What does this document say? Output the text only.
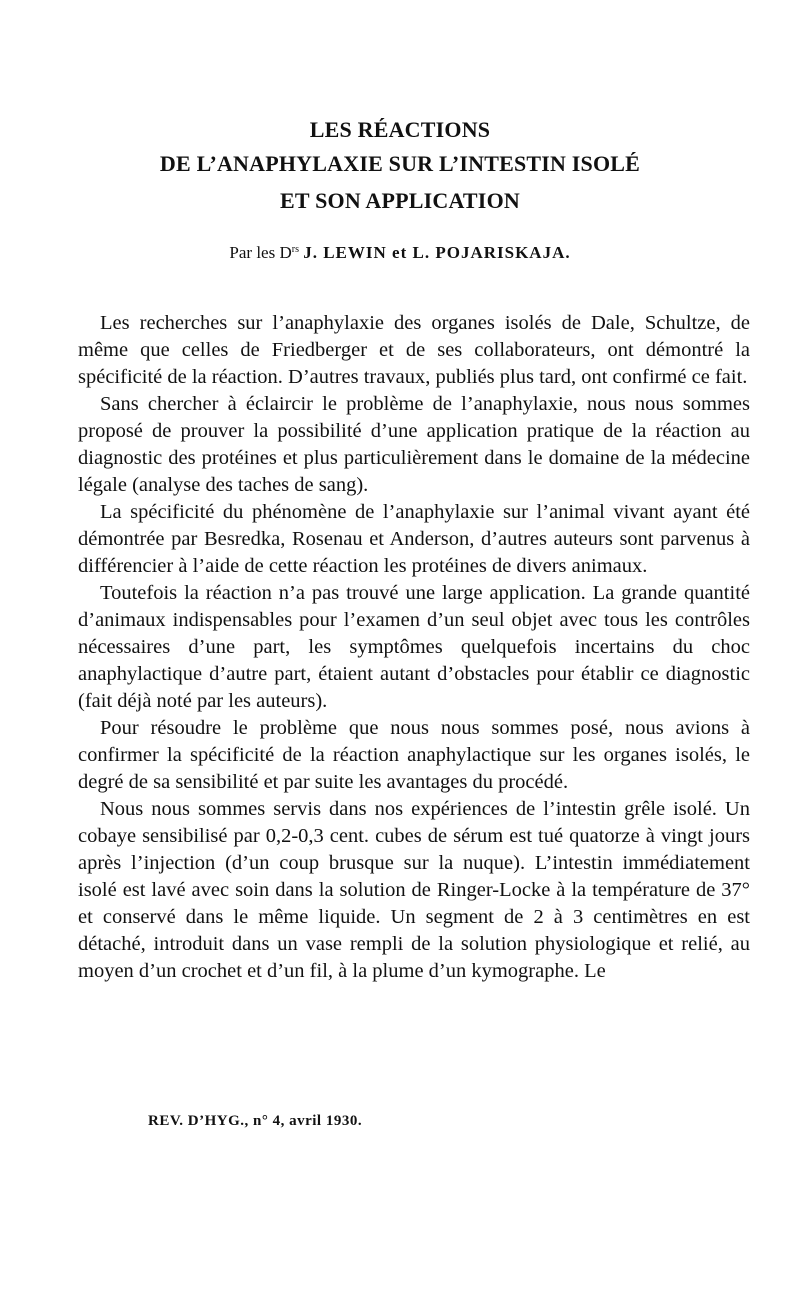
LES RÉACTIONS
DE L’ANAPHYLAXIE SUR L’INTESTIN ISOLÉ
ET SON APPLICATION
Par les $D^{rs}$ J. LEWIN et L. POJARISKAJA.

Les recherches sur l’anaphylaxie des organes isolés de Dale, Schultze, de même que celles de Friedberger et de ses collaborateurs, ont démontré la spécificité de la réaction. D’autres travaux, publiés plus tard, ont confirmé ce fait.

Sans chercher à éclaircir le problème de l’anaphylaxie, nous nous sommes proposé de prouver la possibilité d’une application pratique de la réaction au diagnostic des protéines et plus particulièrement dans le domaine de la médecine légale (analyse des taches de sang).

La spécificité du phénomène de l’anaphylaxie sur l’animal vivant ayant été démontrée par Besredka, Rosenau et Anderson, d’autres auteurs sont parvenus à différencier à l’aide de cette réaction les protéines de divers animaux.

Toutefois la réaction n’a pas trouvé une large application. La grande quantité d’animaux indispensables pour l’examen d’un seul objet avec tous les contrôles nécessaires d’une part, les symptômes quelquefois incertains du choc anaphylactique d’autre part, étaient autant d’obstacles pour établir ce diagnostic (fait déjà noté par les auteurs).

Pour résoudre le problème que nous nous sommes posé, nous avions à confirmer la spécificité de la réaction anaphylactique sur les organes isolés, le degré de sa sensibilité et par suite les avantages du procédé.

Nous nous sommes servis dans nos expériences de l’intestin grêle isolé. Un cobaye sensibilisé par 0,2-0,3 cent. cubes de sérum est tué quatorze à vingt jours après l’injection (d’un coup brusque sur la nuque). L’intestin immédiatement isolé est lavé avec soin dans la solution de Ringer-Locke à la température de 37° et conservé dans le même liquide. Un segment de 2 à 3 centimètres en est détaché, introduit dans un vase rempli de la solution physiologique et relié, au moyen d’un crochet et d’un fil, à la plume d’un kymographe. Le

REV. D’HYG., n° 4, avril 1930.
